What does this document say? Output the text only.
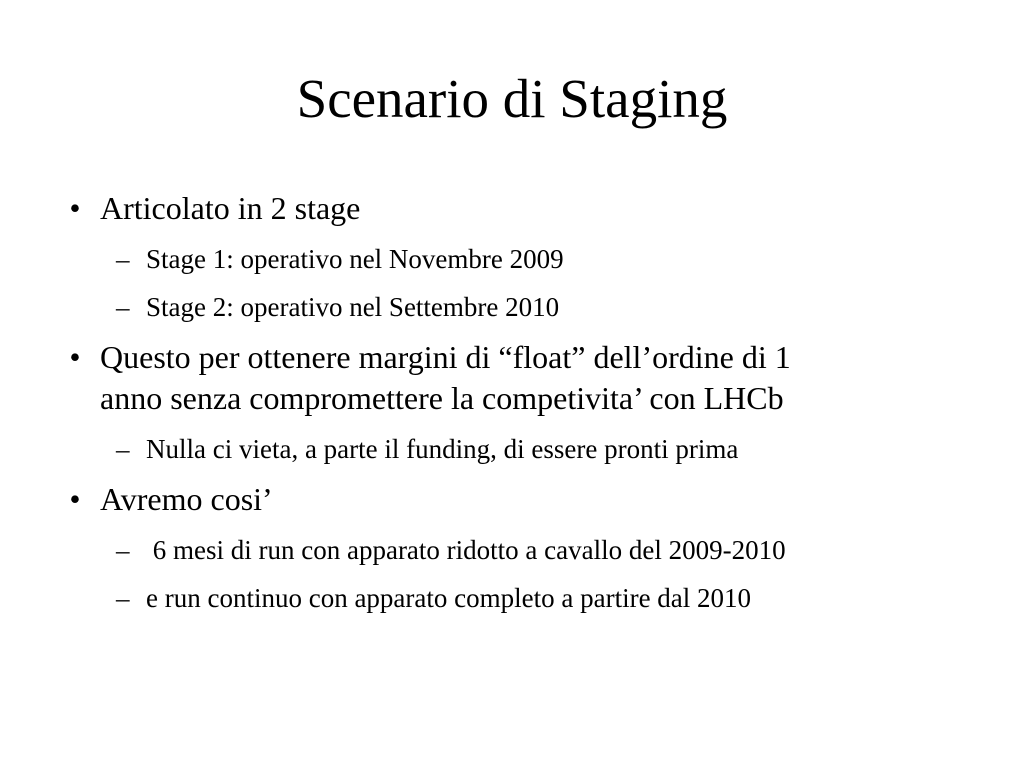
Scenario di Staging
• Articolato in 2 stage
– Stage 1: operativo nel Novembre 2009
– Stage 2: operativo nel Settembre 2010
• Questo per ottenere margini di “float” dell’ordine di 1
anno senza compromettere la competivita’ con LHCb
– Nulla ci vieta, a parte il funding, di essere pronti prima
• Avremo cosi’
– 6 mesi di run con apparato ridotto a cavallo del 2009-2010
– e run continuo con apparato completo a partire dal 2010
